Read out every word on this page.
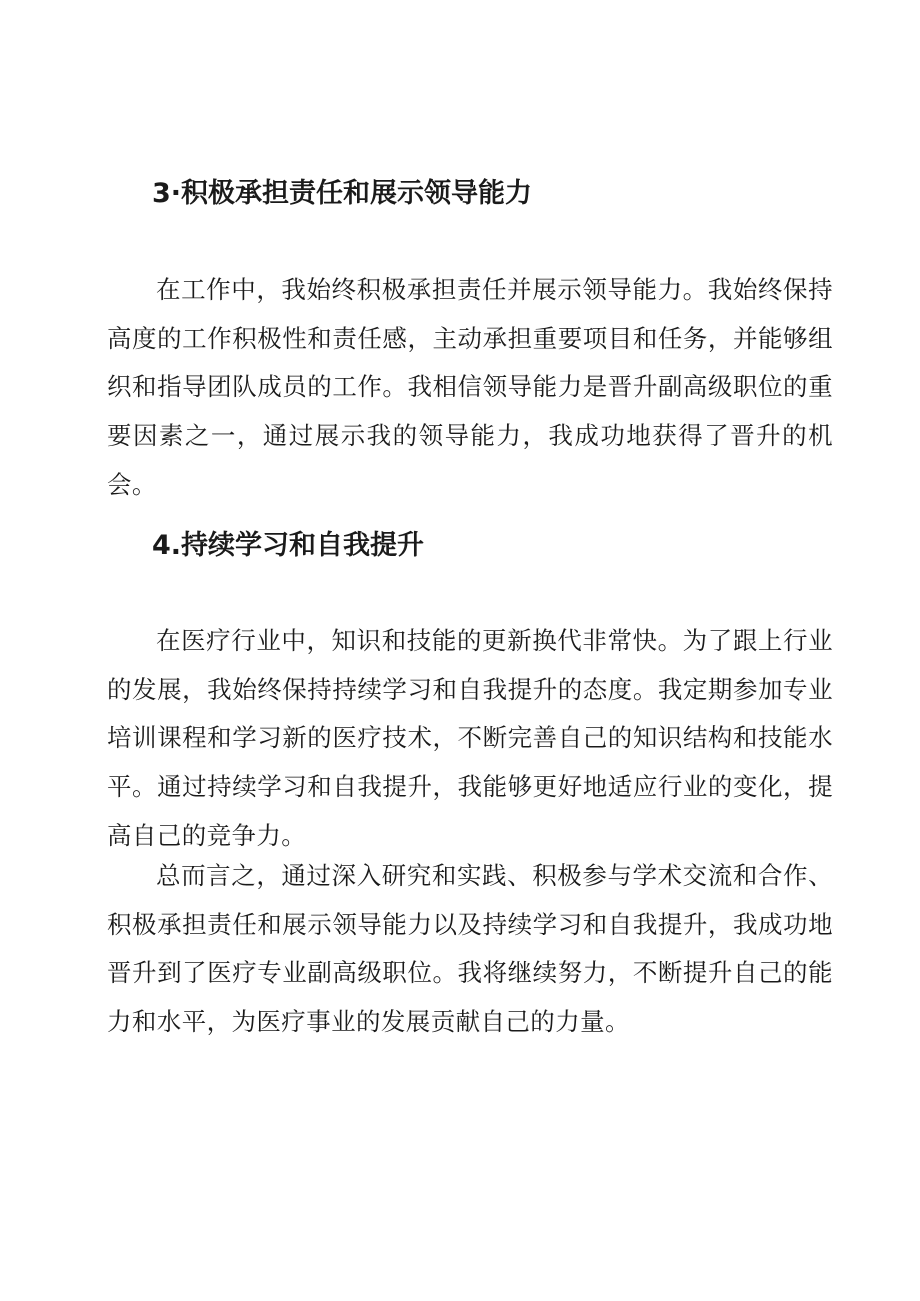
3·积极承担责任和展示领导能力

在工作中，我始终积极承担责任并展示领导能力。我始终保持高度的工作积极性和责任感，主动承担重要项目和任务，并能够组织和指导团队成员的工作。我相信领导能力是晋升副高级职位的重要因素之一，通过展示我的领导能力，我成功地获得了晋升的机会。

4.持续学习和自我提升

在医疗行业中，知识和技能的更新换代非常快。为了跟上行业的发展，我始终保持持续学习和自我提升的态度。我定期参加专业培训课程和学习新的医疗技术，不断完善自己的知识结构和技能水平。通过持续学习和自我提升，我能够更好地适应行业的变化，提高自己的竞争力。

总而言之，通过深入研究和实践、积极参与学术交流和合作、积极承担责任和展示领导能力以及持续学习和自我提升，我成功地晋升到了医疗专业副高级职位。我将继续努力，不断提升自己的能力和水平，为医疗事业的发展贡献自己的力量。
